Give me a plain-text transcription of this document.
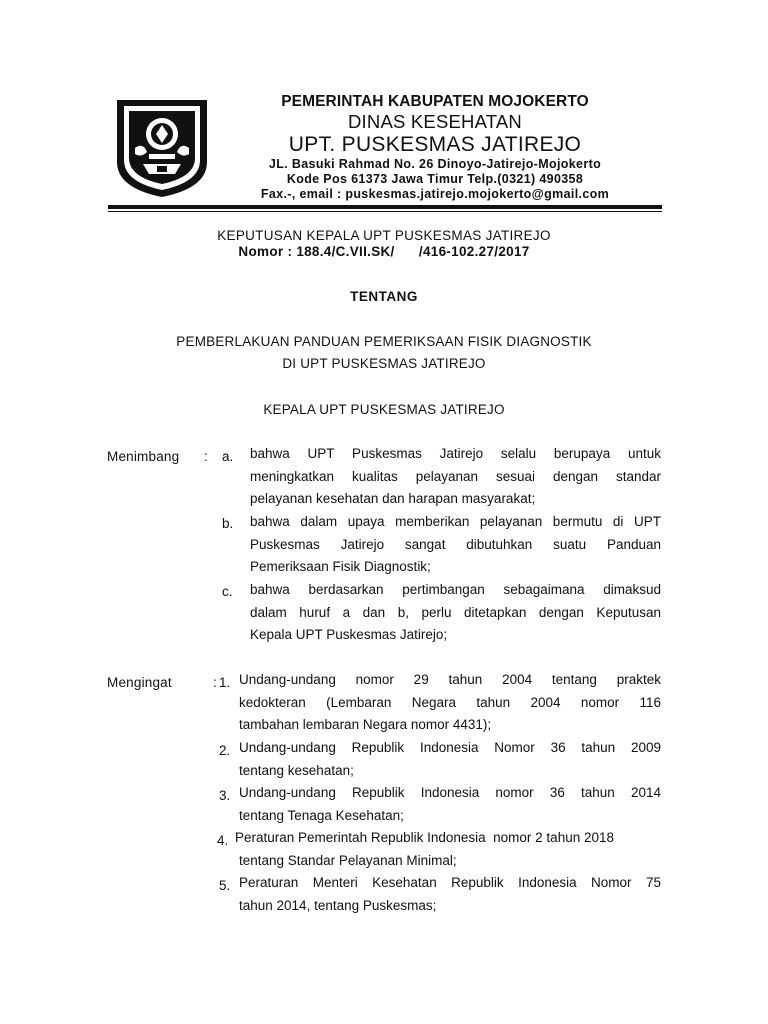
PEMERINTAH KABUPATEN MOJOKERTO
DINAS KESEHATAN
UPT. PUSKESMAS JATIREJO
JL. Basuki Rahmad No. 26 Dinoyo-Jatirejo-Mojokerto
Kode Pos 61373 Jawa Timur Telp.(0321) 490358
Fax.-, email : puskesmas.jatirejo.mojokerto@gmail.com
KEPUTUSAN KEPALA UPT PUSKESMAS JATIREJO
Nomor : 188.4/C.VII.SK/      /416-102.27/2017
TENTANG
PEMBERLAKUAN PANDUAN PEMERIKSAAN FISIK DIAGNOSTIK
DI UPT PUSKESMAS JATIREJO
KEPALA UPT PUSKESMAS JATIREJO
Menimbang : a. bahwa UPT Puskesmas Jatirejo selalu berupaya untuk
meningkatkan kualitas pelayanan sesuai dengan standar
pelayanan kesehatan dan harapan masyarakat;
b. bahwa dalam upaya memberikan pelayanan bermutu di UPT
Puskesmas Jatirejo sangat dibutuhkan suatu Panduan
Pemeriksaan Fisik Diagnostik;
c. bahwa berdasarkan pertimbangan sebagaimana dimaksud
dalam huruf a dan b, perlu ditetapkan dengan Keputusan
Kepala UPT Puskesmas Jatirejo;
Mengingat	: 1. Undang-undang nomor 29 tahun 2004 tentang praktek
kedokteran (Lembaran Negara tahun 2004 nomor 116
tambahan lembaran Negara nomor 4431);
2. Undang-undang Republik Indonesia Nomor 36 tahun 2009
tentang kesehatan;
3. Undang-undang Republik Indonesia nomor 36 tahun 2014
tentang Tenaga Kesehatan;
4. Peraturan Pemerintah Republik Indonesia  nomor 2 tahun 2018
tentang Standar Pelayanan Minimal;
5. Peraturan Menteri Kesehatan Republik Indonesia Nomor 75
tahun 2014, tentang Puskesmas;
